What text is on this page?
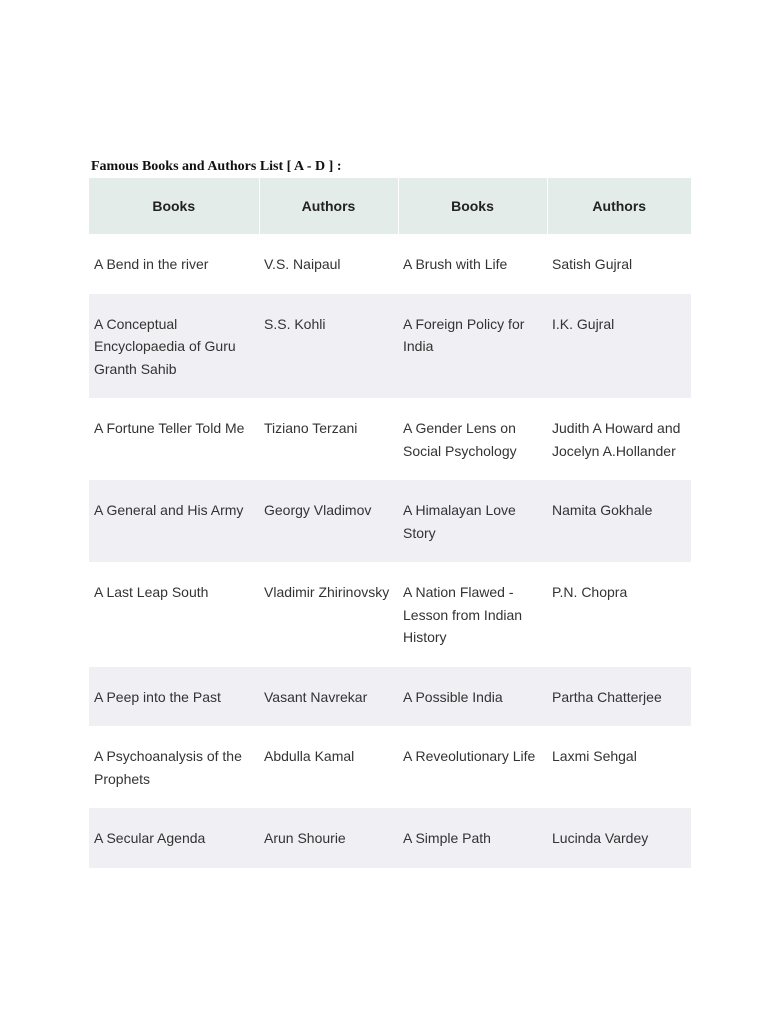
Famous Books and Authors List [ A - D ] :
Books	Authors	Books	Authors
A Bend in the river	V.S. Naipaul	A Brush with Life	Satish Gujral
A Conceptual Encyclopaedia of Guru Granth Sahib	S.S. Kohli	A Foreign Policy for India	I.K. Gujral
A Fortune Teller Told Me	Tiziano Terzani	A Gender Lens on Social Psychology	Judith A Howard and Jocelyn A.Hollander
A General and His Army	Georgy Vladimov	A Himalayan Love Story	Namita Gokhale
A Last Leap South	Vladimir Zhirinovsky	A Nation Flawed - Lesson from Indian History	P.N. Chopra
A Peep into the Past	Vasant Navrekar	A Possible India	Partha Chatterjee
A Psychoanalysis of the Prophets	Abdulla Kamal	A Reveolutionary Life	Laxmi Sehgal
A Secular Agenda	Arun Shourie	A Simple Path	Lucinda Vardey
